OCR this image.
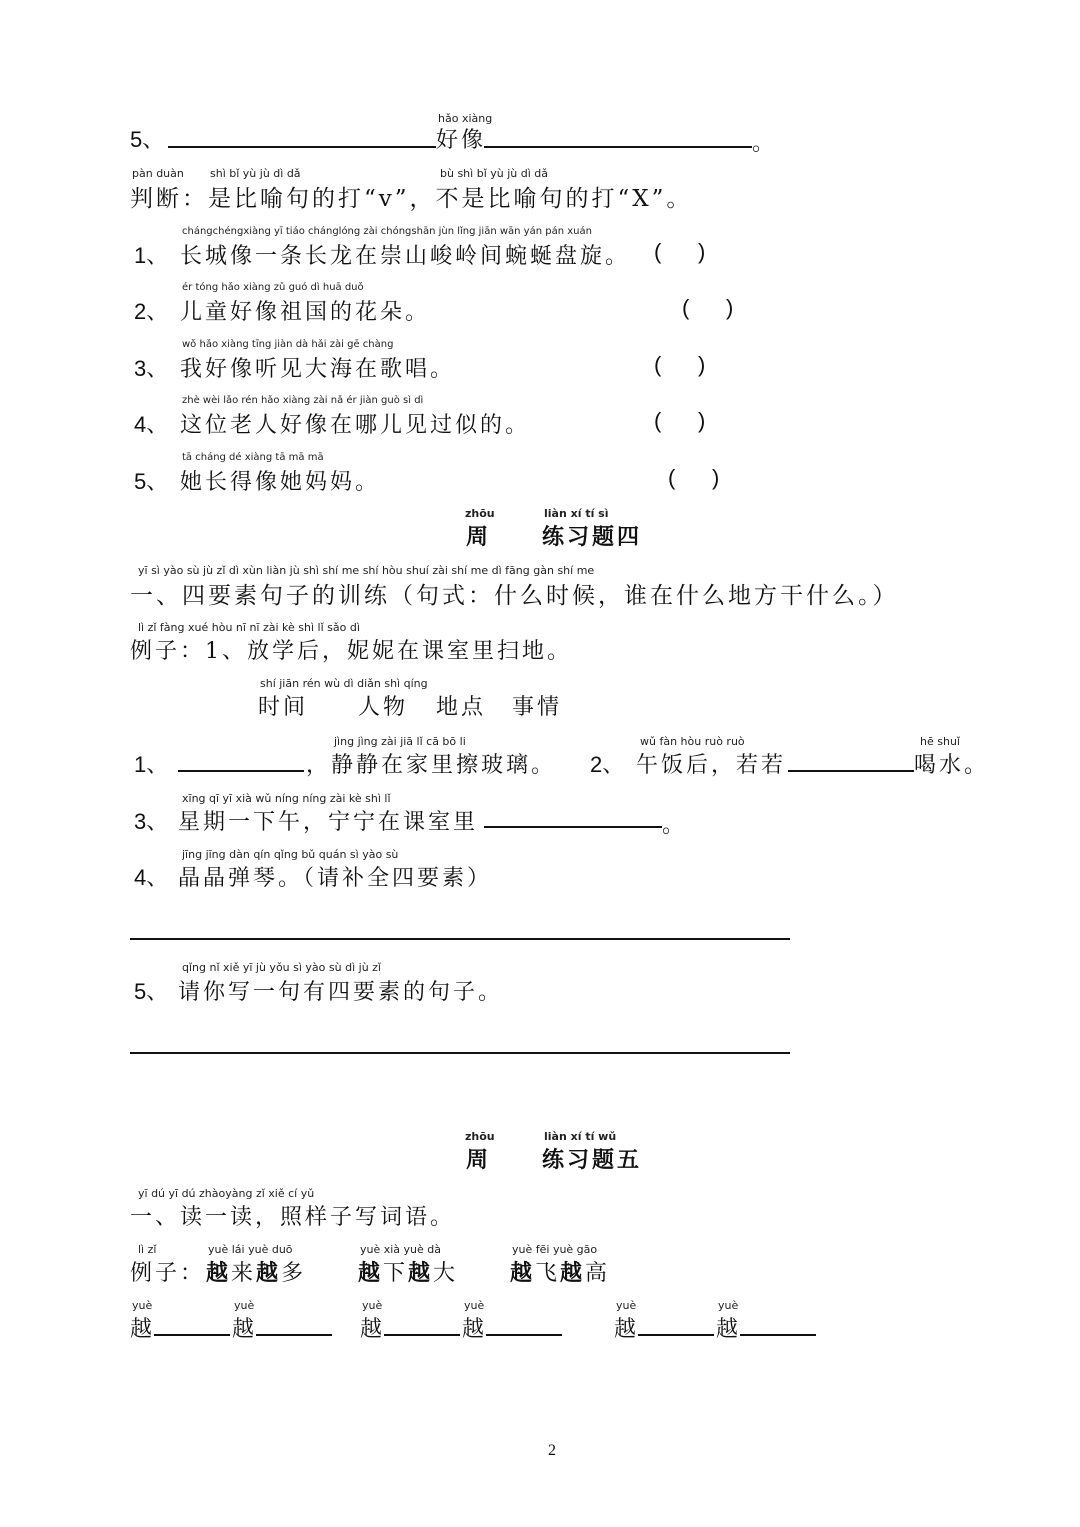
5、
hǎo xiàng
好像	。
pàn duàn shì bǐ yù jù dì dǎ	bù shì bǐ yù jù dì dǎ
判断：是比喻句的打“v”，不是比喻句的打“X”。
1、
chángchéngxiàng yī tiáo chánglóng zài chóngshān jùn lǐng jiān wān yán pán xuán
长城像一条长龙在崇山峻岭间蜿蜒盘旋。 (      )
2、
ér tóng hǎo xiàng zǔ guó dì huā duǒ
儿童好像祖国的花朵。	(      )
3、
wǒ hǎo xiàng tīng jiàn dà hǎi zài gē chàng
我好像听见大海在歌唱。	(      )
4、
zhè wèi lǎo rén hǎo xiàng zài nǎ ér jiàn guò sì dì
这位老人好像在哪儿见过似的。	(      )
5、
tā cháng dé xiàng tā mā mā
她长得像她妈妈。	(      )
zhōu	liàn xí tí sì
周 练习题四
yī sì yào sù jù zǐ dì xùn liàn jù shì shí me shí hòu shuí zài shí me dì fāng gàn shí me
一、四要素句子的训练（句式：什么时候，谁在什么地方干什么。）
lì zǐ fàng xué hòu nī nī zài kè shì lǐ sǎo dì
例子：1、放学后，妮妮在课室里扫地。
shí jiān rén wù dì diǎn shì qíng
时间 人物 地点 事情
1、
jìng jìng zài jiā lǐ cā bō li
，静静在家里擦玻璃。 2、
wǔ fàn hòu ruò ruò
午饭后，若若
hē shuǐ
喝水。
3、
xīng qī yī xià wǔ níng níng zài kè shì lǐ
星期一下午，宁宁在课室里	。
4、
jīng jīng dàn qín qǐng bǔ quán sì yào sù
晶晶弹琴。（请补全四要素）
5、
qǐng nǐ xiě yī jù yǒu sì yào sù dì jù zǐ
请你写一句有四要素的句子。
zhōu	liàn xí tí wǔ
周 练习题五
yī dú yī dú zhàoyàng zǐ xiě cí yǔ
一、读一读，照样子写词语。
lì zǐ
例子：
yuè lái yuè duō
越来越多
yuè xià yuè dà
越下越大
yuè fēi yuè gāo
越飞越高
yuè
越
yuè
越
yuè
越
yuè
越
yuè
越
yuè
越
2
